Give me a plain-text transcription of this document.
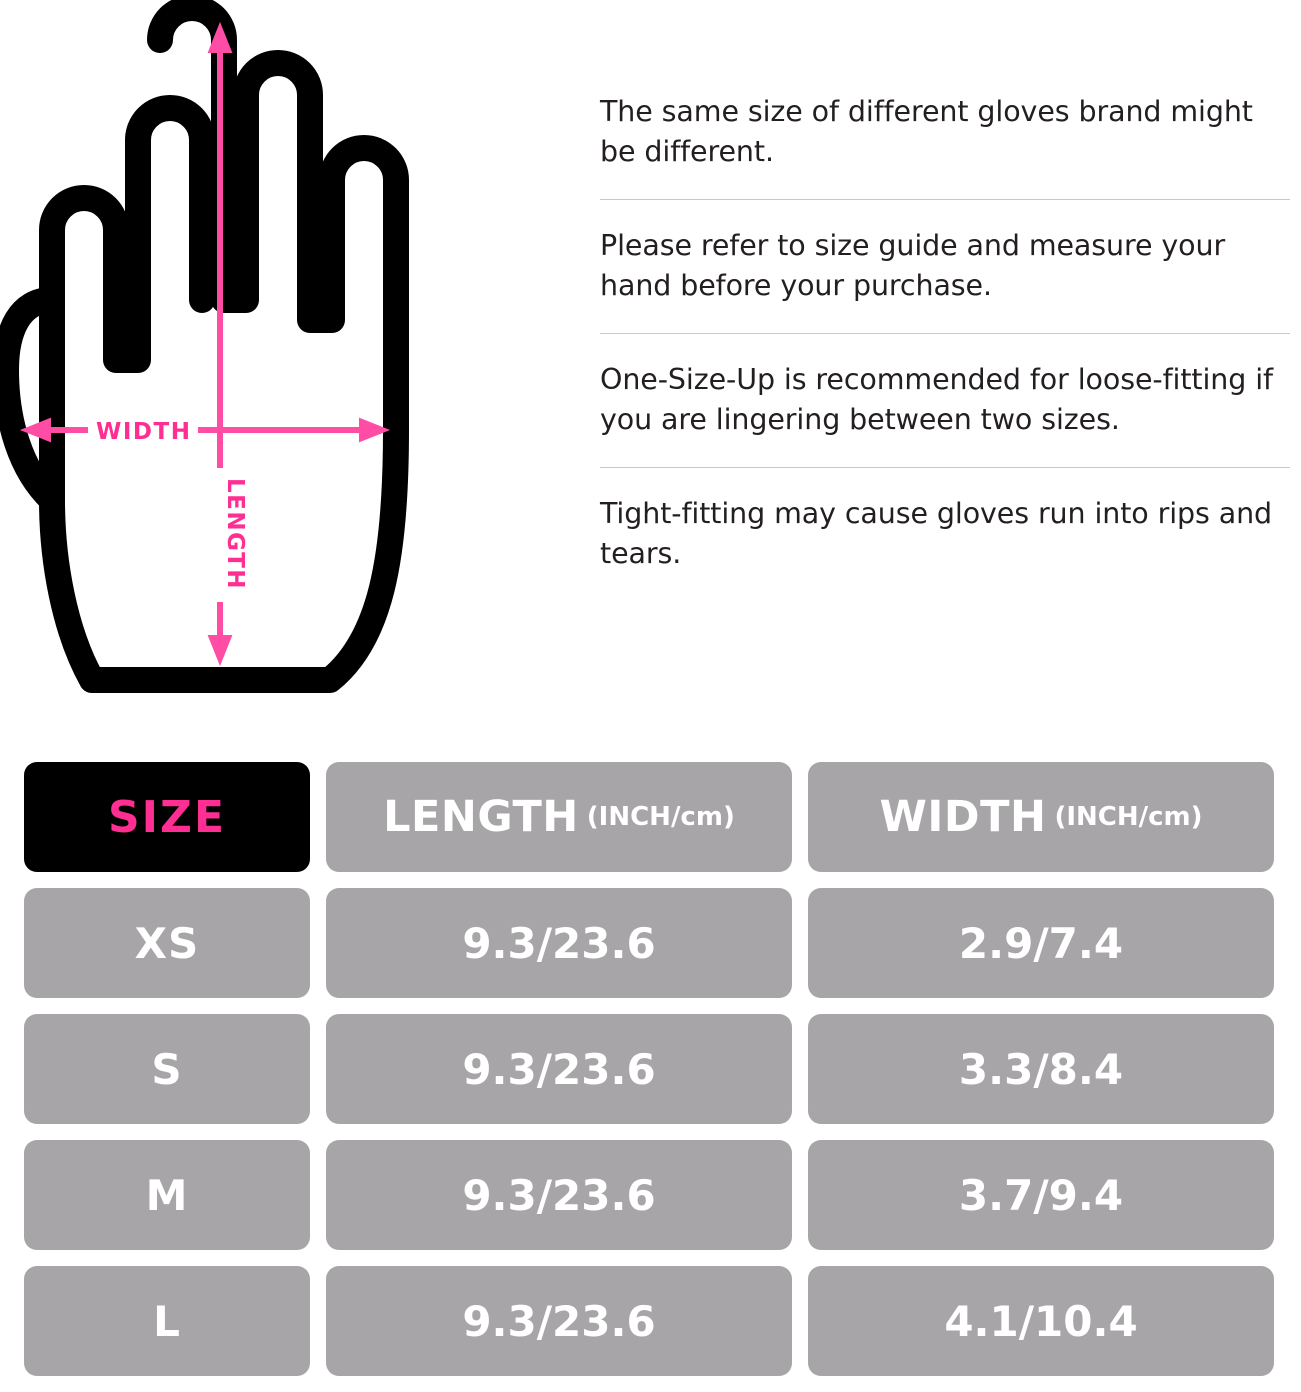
WIDTH
LENGTH
The same size of different gloves brand might be different.
Please refer to size guide and measure your hand before your purchase.
One-Size-Up is recommended for loose-fitting if you are lingering between two sizes.
Tight-fitting may cause gloves run into rips and tears.
SIZE	LENGTH (INCH/cm)	WIDTH (INCH/cm)
XS	9.3/23.6	2.9/7.4
S	9.3/23.6	3.3/8.4
M	9.3/23.6	3.7/9.4
L	9.3/23.6	4.1/10.4
